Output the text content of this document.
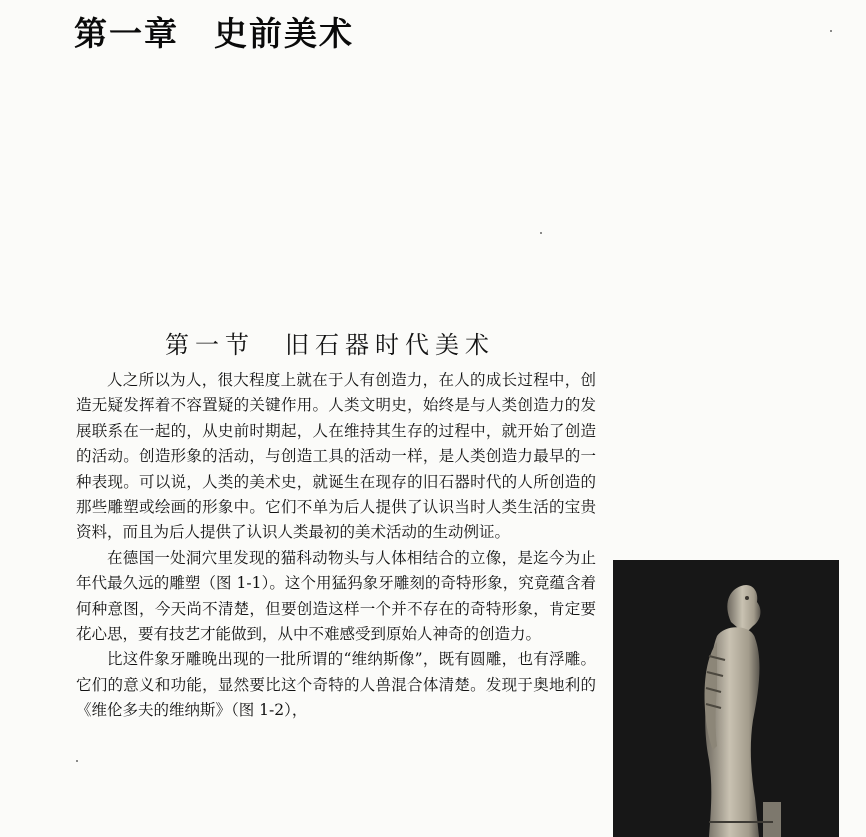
第一章　史前美术
第一节　旧石器时代美术

人之所以为人，很大程度上就在于人有创造力，在人的成长过程中，创造无疑发挥着不容置疑的关键作用。人类文明史，始终是与人类创造力的发展联系在一起的，从史前时期起，人在维持其生存的过程中，就开始了创造的活动。创造形象的活动，与创造工具的活动一样，是人类创造力最早的一种表现。可以说，人类的美术史，就诞生在现存的旧石器时代的人所创造的那些雕塑或绘画的形象中。它们不单为后人提供了认识当时人类生活的宝贵资料，而且为后人提供了认识人类最初的美术活动的生动例证。

在德国一处洞穴里发现的猫科动物头与人体相结合的立像，是迄今为止年代最久远的雕塑（图 1-1）。这个用猛犸象牙雕刻的奇特形象，究竟蕴含着何种意图，今天尚不清楚，但要创造这样一个并不存在的奇特形象，肯定要花心思，要有技艺才能做到，从中不难感受到原始人神奇的创造力。

比这件象牙雕晚出现的一批所谓的“维纳斯像”，既有圆雕，也有浮雕。它们的意义和功能，显然要比这个奇特的人兽混合体清楚。发现于奥地利的《维伦多夫的维纳斯》（图 1-2），
